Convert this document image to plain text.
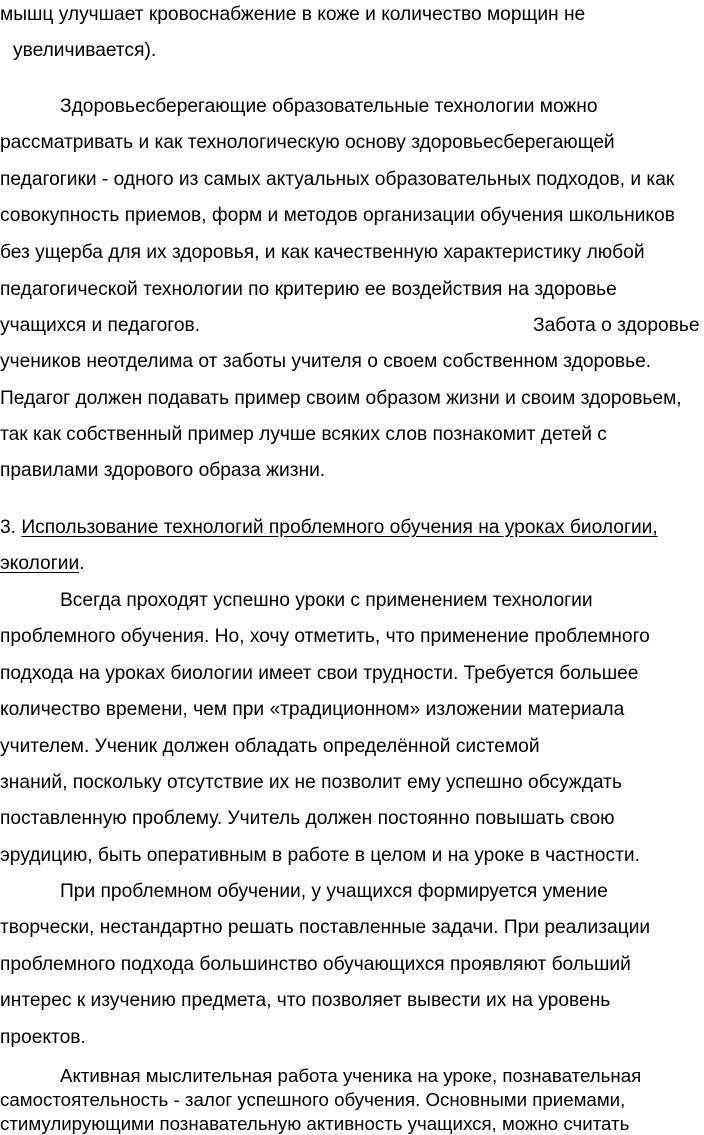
мышц улучшает кровоснабжение в коже и количество морщин не
увеличивается).
Здоровьесберегающие образовательные технологии можно
рассматривать и как технологическую основу здоровьесберегающей
педагогики - одного из самых актуальных образовательных подходов, и как
совокупность приемов, форм и методов организации обучения школьников
без ущерба для их здоровья, и как качественную характеристику любой
педагогической технологии по критерию ее воздействия на здоровье
учащихся и педагогов.	Забота о здоровье
учеников неотделима от заботы учителя о своем собственном здоровье.
Педагог должен подавать пример своим образом жизни и своим здоровьем,
так как собственный пример лучше всяких слов познакомит детей с
правилами здорового образа жизни.
3. Использование технологий проблемного обучения на уроках биологии,
экологии.
Всегда проходят успешно уроки с применением технологии
проблемного обучения. Но, хочу отметить, что применение проблемного
подхода на уроках биологии имеет свои трудности. Требуется большее
количество времени, чем при «традиционном» изложении материала
учителем. Ученик должен обладать определённой системой
знаний, поскольку отсутствие их не позволит ему успешно обсуждать
поставленную проблему. Учитель должен постоянно повышать свою
эрудицию, быть оперативным в работе в целом и на уроке в частности.
При проблемном обучении, у учащихся формируется умение
творчески, нестандартно решать поставленные задачи. При реализации
проблемного подхода большинство обучающихся проявляют больший
интерес к изучению предмета, что позволяет вывести их на уровень
проектов.
Активная мыслительная работа ученика на уроке, познавательная
самостоятельность - залог успешного обучения. Основными приемами,
стимулирующими познавательную активность учащихся, можно считать
